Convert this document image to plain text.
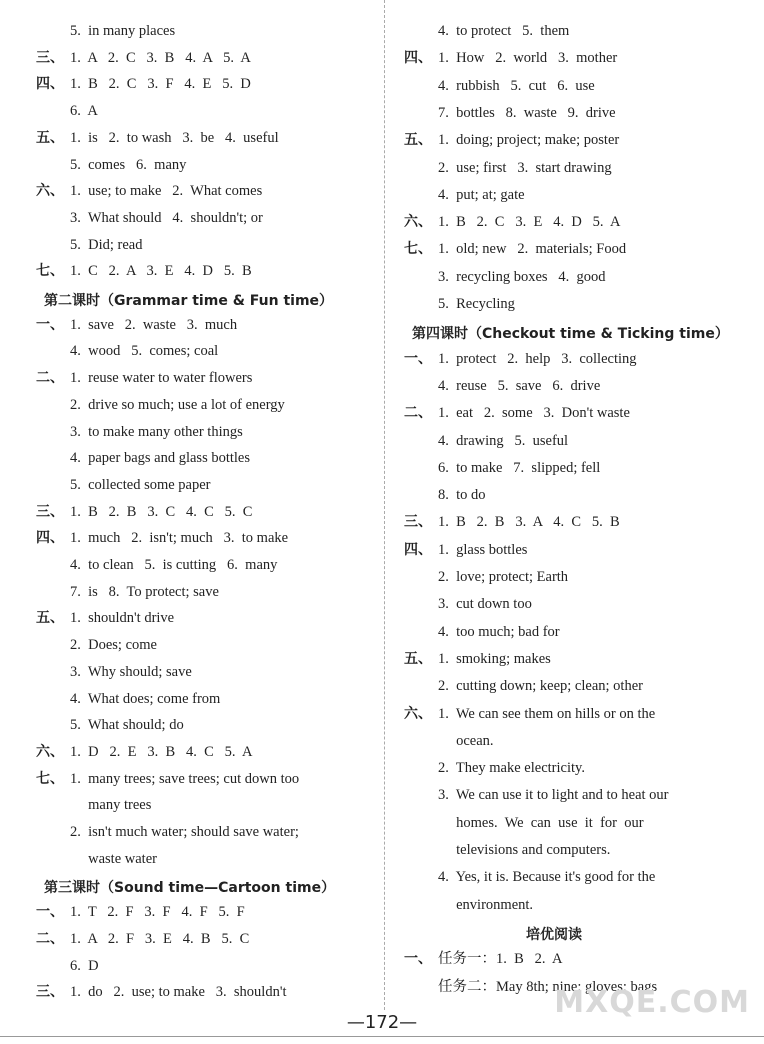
5.  in many places
三、 1.  A   2.  C   3.  B   4.  A   5.  A
四、 1.  B   2.  C   3.  F   4.  E   5.  D
6.  A
五、 1.  is   2.  to wash   3.  be   4.  useful
5.  comes   6.  many
六、 1.  use; to make   2.  What comes
3.  What should   4.  shouldn't; or
5.  Did; read
七、 1.  C   2.  A   3.  E   4.  D   5.  B
第二课时（Grammar time & Fun time）
一、 1.  save   2.  waste   3.  much
4.  wood   5.  comes; coal
二、 1.  reuse water to water flowers
2.  drive so much; use a lot of energy
3.  to make many other things
4.  paper bags and glass bottles
5.  collected some paper
三、 1.  B   2.  B   3.  C   4.  C   5.  C
四、 1.  much   2.  isn't; much   3.  to make
4.  to clean   5.  is cutting   6.  many
7.  is   8.  To protect; save
五、 1.  shouldn't drive
2.  Does; come
3.  Why should; save
4.  What does; come from
5.  What should; do
六、 1.  D   2.  E   3.  B   4.  C   5.  A
七、 1.  many trees; save trees; cut down too
many trees
2.  isn't much water; should save water;
waste water
第三课时（Sound time—Cartoon time）
一、 1.  T   2.  F   3.  F   4.  F   5.  F
二、 1.  A   2.  F   3.  E   4.  B   5.  C
6.  D
三、 1.  do   2.  use; to make   3.  shouldn't
4.  to protect   5.  them
四、 1.  How   2.  world   3.  mother
4.  rubbish   5.  cut   6.  use
7.  bottles   8.  waste   9.  drive
五、 1.  doing; project; make; poster
2.  use; first   3.  start drawing
4.  put; at; gate
六、 1.  B   2.  C   3.  E   4.  D   5.  A
七、 1.  old; new   2.  materials; Food
3.  recycling boxes   4.  good
5.  Recycling
第四课时（Checkout time & Ticking time）
一、 1.  protect   2.  help   3.  collecting
4.  reuse   5.  save   6.  drive
二、 1.  eat   2.  some   3.  Don't waste
4.  drawing   5.  useful
6.  to make   7.  slipped; fell
8.  to do
三、 1.  B   2.  B   3.  A   4.  C   5.  B
四、 1.  glass bottles
2.  love; protect; Earth
3.  cut down too
4.  too much; bad for
五、 1.  smoking; makes
2.  cutting down; keep; clean; other
六、 1.  We can see them on hills or on the
ocean.
2.  They make electricity.
3.  We can use it to light and to heat our
homes.  We  can  use  it  for  our
televisions and computers.
4.  Yes, it is. Because it's good for the
environment.
培优阅读
一、 任务一：1.  B   2.  A
任务二：May 8th; nine; gloves; bags
MXQE.COM
—172—
